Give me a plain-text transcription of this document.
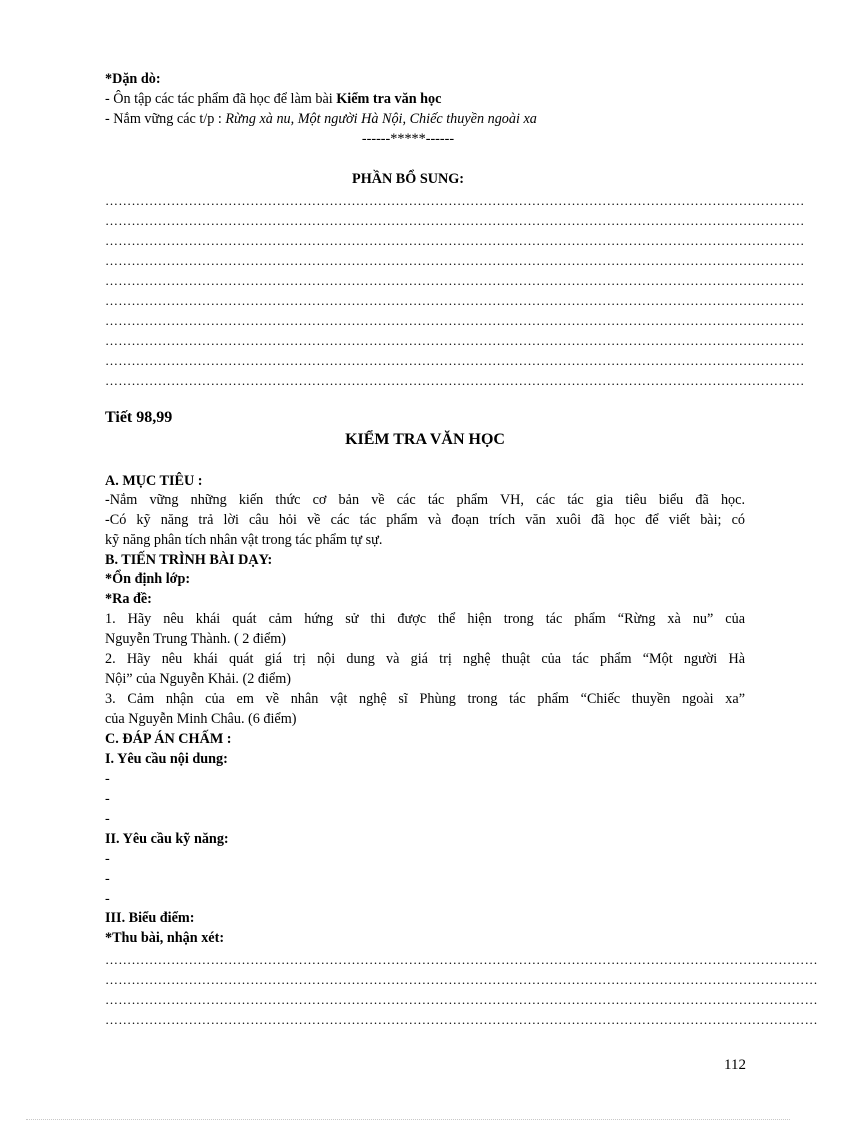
*Dặn dò:
- Ôn tập các tác phẩm đã học để làm bài Kiểm tra văn học
- Nắm vững các t/p : Rừng xà nu, Một người Hà Nội, Chiếc thuyền ngoài xa
------*****------
PHẦN BỔ SUNG:
……………………………………………………………………………………………………………………………………………
……………………………………………………………………………………………………………………………………………
……………………………………………………………………………………………………………………………………………
……………………………………………………………………………………………………………………………………………
……………………………………………………………………………………………………………………………………………
……………………………………………………………………………………………………………………………………………
……………………………………………………………………………………………………………………………………………
……………………………………………………………………………………………………………………………………………
……………………………………………………………………………………………………………………………………………
……………………………………………………………………………………………………………………………………………
Tiết 98,99
KIỂM TRA VĂN HỌC
A. MỤC TIÊU :
-Nắm vững những kiến thức cơ bản về các tác phẩm VH, các tác gia tiêu biểu đã học.
-Có kỹ năng trả lời câu hỏi về các tác phẩm và đoạn trích văn xuôi đã học để viết bài; có
kỹ năng phân tích nhân vật trong tác phẩm tự sự.
B. TIẾN TRÌNH BÀI DẠY:
*Ổn định lớp:
*Ra đề:
1. Hãy nêu khái quát cảm hứng sử thi được thể hiện trong tác phẩm “Rừng xà nu” của
Nguyễn Trung Thành. ( 2 điểm)
2. Hãy nêu khái quát giá trị nội dung và giá trị nghệ thuật của tác phẩm “Một người Hà
Nội” của Nguyễn Khải. (2 điểm)
3. Cảm nhận của em về nhân vật nghệ sĩ Phùng trong tác phẩm “Chiếc thuyền ngoài xa”
của Nguyễn Minh Châu. (6 điểm)
C. ĐÁP ÁN CHẤM :
I. Yêu cầu nội dung:
-
-
-
II. Yêu cầu kỹ năng:
-
-
-
III. Biểu điểm:
*Thu bài, nhận xét:
………………………………………………………………………………………………………………………………………………
………………………………………………………………………………………………………………………………………………
………………………………………………………………………………………………………………………………………………
………………………………………………………………………………………………………………………………………………
112
